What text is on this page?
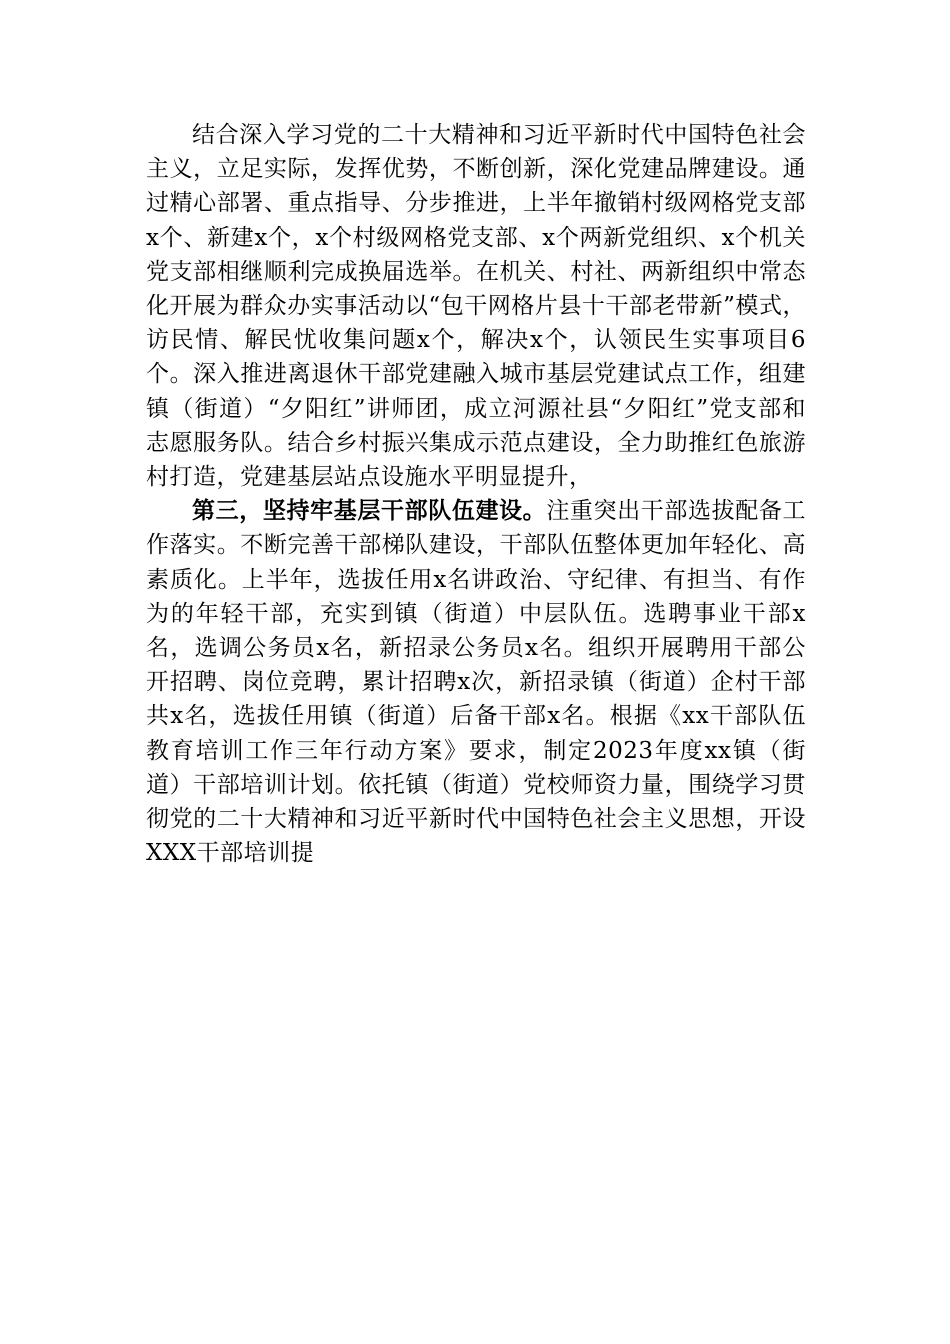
结合深入学习党的二十大精神和习近平新时代中国特色社会主义，立足实际，发挥优势，不断创新，深化党建品牌建设。通过精心部署、重点指导、分步推进，上半年撤销村级网格党支部x个、新建x个，x个村级网格党支部、x个两新党组织、x个机关党支部相继顺利完成换届选举。在机关、村社、两新组织中常态化开展为群众办实事活动以“包干网格片县十干部老带新”模式，访民情、解民忧收集问题x个，解决x个，认领民生实事项目6个。深入推进离退休干部党建融入城市基层党建试点工作，组建镇（街道）“夕阳红”讲师团，成立河源社县“夕阳红”党支部和志愿服务队。结合乡村振兴集成示范点建设，全力助推红色旅游村打造，党建基层站点设施水平明显提升，

第三，坚持牢基层干部队伍建设。注重突出干部选拔配备工作落实。不断完善干部梯队建设，干部队伍整体更加年轻化、高素质化。上半年，选拔任用x名讲政治、守纪律、有担当、有作为的年轻干部，充实到镇（街道）中层队伍。选聘事业干部x名，选调公务员x名，新招录公务员x名。组织开展聘用干部公开招聘、岗位竞聘，累计招聘x次，新招录镇（街道）企村干部共x名，选拔任用镇（街道）后备干部x名。根据《xx干部队伍教育培训工作三年行动方案》要求，制定2023年度xx镇（街道）干部培训计划。依托镇（街道）党校师资力量，围绕学习贯彻党的二十大精神和习近平新时代中国特色社会主义思想，开设XXX干部培训提
